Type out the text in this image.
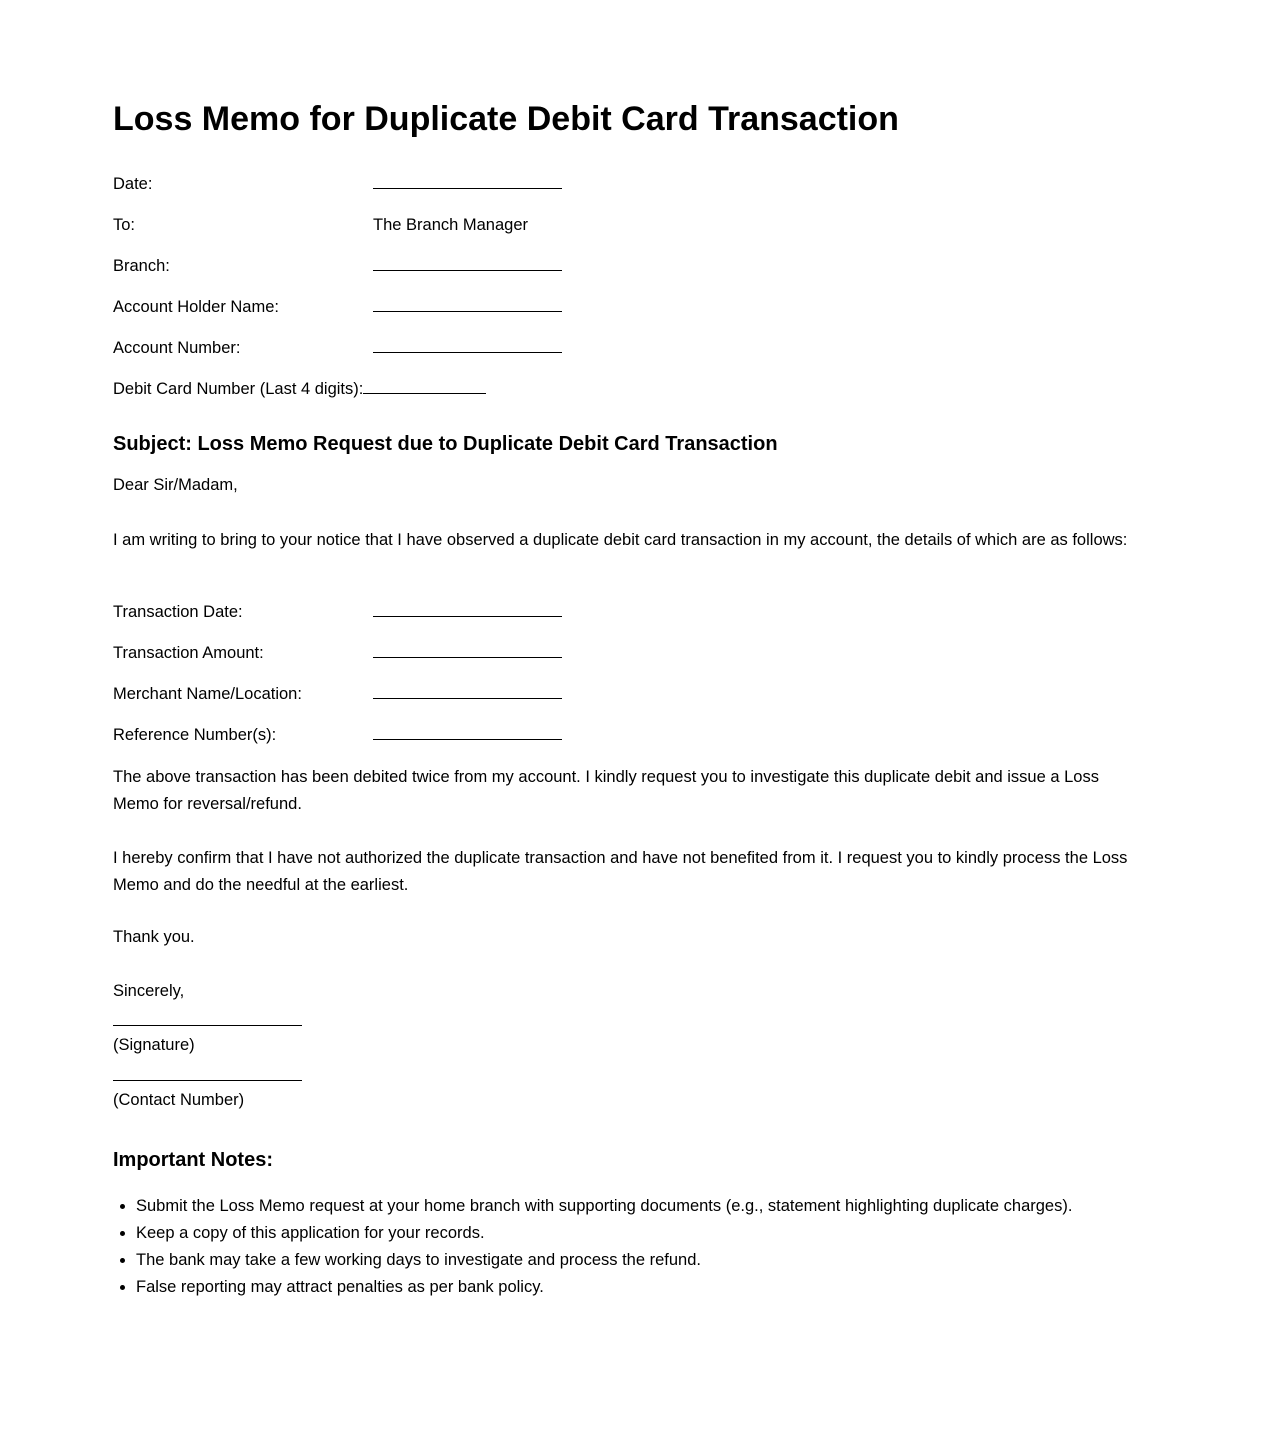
Loss Memo for Duplicate Debit Card Transaction
Date:
To:	The Branch Manager
Branch:
Account Holder Name:
Account Number:
Debit Card Number (Last 4 digits):
Subject: Loss Memo Request due to Duplicate Debit Card Transaction

Dear Sir/Madam,

I am writing to bring to your notice that I have observed a duplicate debit card transaction in my account, the details of which are as follows:

Transaction Date:
Transaction Amount:
Merchant Name/Location:
Reference Number(s):

The above transaction has been debited twice from my account. I kindly request you to investigate this duplicate debit and issue a Loss Memo for reversal/refund.

I hereby confirm that I have not authorized the duplicate transaction and have not benefited from it. I request you to kindly process the Loss Memo and do the needful at the earliest.

Thank you.

Sincerely,

(Signature)

(Contact Number)

Important Notes:
• Submit the Loss Memo request at your home branch with supporting documents (e.g., statement highlighting duplicate charges).
• Keep a copy of this application for your records.
• The bank may take a few working days to investigate and process the refund.
• False reporting may attract penalties as per bank policy.
